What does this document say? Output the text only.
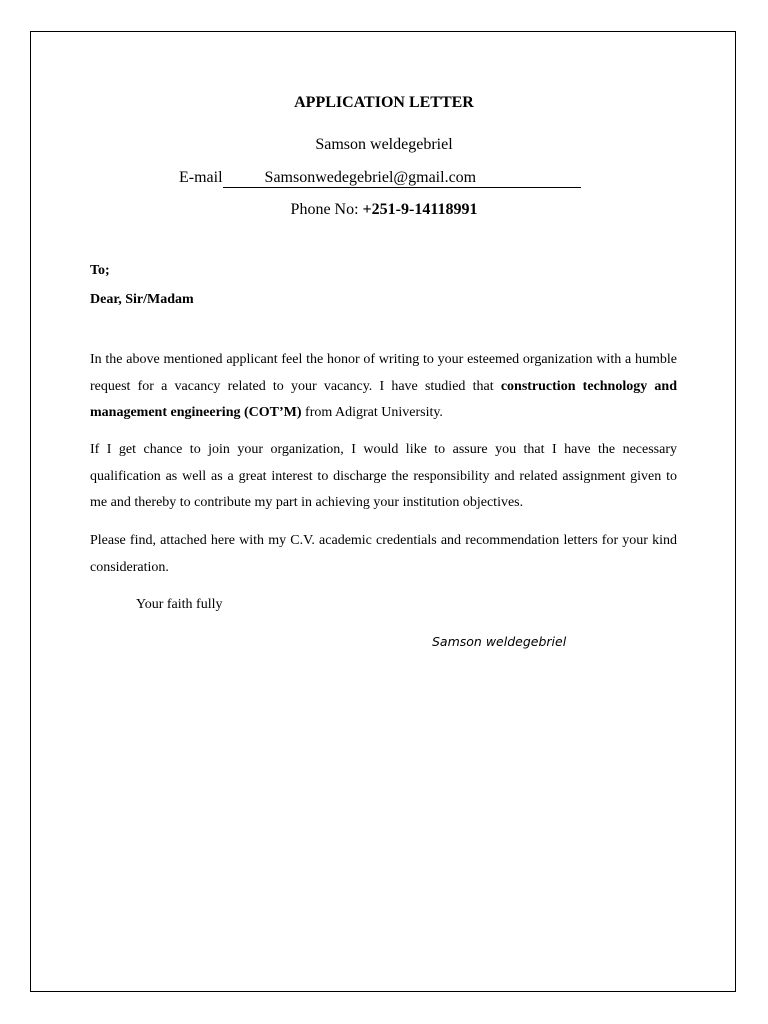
APPLICATION LETTER
Samson weldegebriel
E-mail	Samsonwedegebriel@gmail.com
Phone No: +251-9-14118991
To;
Dear, Sir/Madam
In the above mentioned applicant feel the honor of writing to your esteemed organization with a humble request for a vacancy related to your vacancy. I have studied that construction technology and management engineering (COT’M) from Adigrat University.
If I get chance to join your organization, I would like to assure you that I have the necessary qualification as well as a great interest to discharge the responsibility and related assignment given to me and thereby to contribute my part in achieving your institution objectives.
Please find, attached here with my C.V. academic credentials and recommendation letters for your kind consideration.
Your faith fully
Samson weldegebriel
